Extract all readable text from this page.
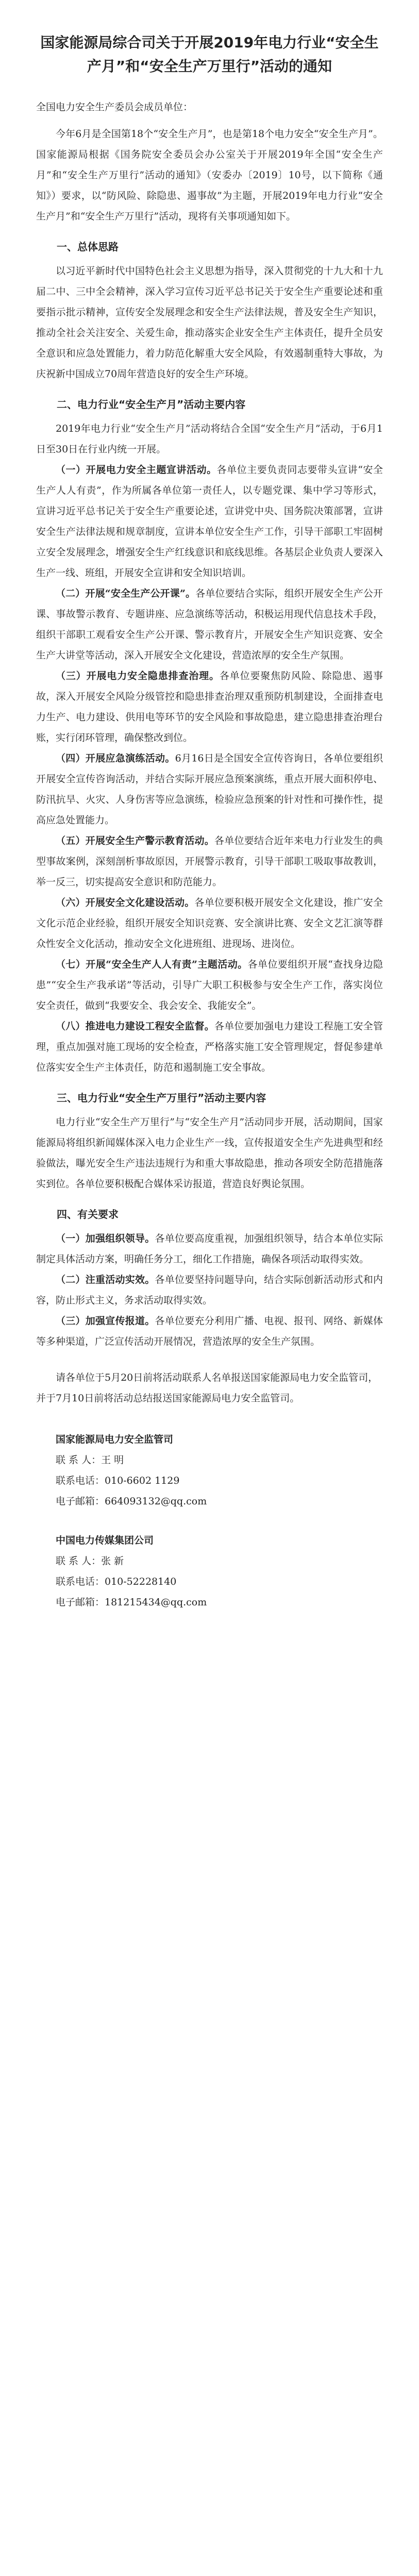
国家能源局综合司关于开展2019年电力行业“安全生产月”和“安全生产万里行”活动的通知

全国电力安全生产委员会成员单位：

今年6月是全国第18个“安全生产月”，也是第18个电力安全“安全生产月”。国家能源局根据《国务院安全委员会办公室关于开展2019年全国“安全生产月”和“安全生产万里行”活动的通知》（安委办〔2019〕10号，以下简称《通知》）要求，以“防风险、除隐患、遏事故”为主题，开展2019年电力行业“安全生产月”和“安全生产万里行”活动，现将有关事项通知如下。

一、总体思路

以习近平新时代中国特色社会主义思想为指导，深入贯彻党的十九大和十九届二中、三中全会精神，深入学习宣传习近平总书记关于安全生产重要论述和重要指示批示精神，宣传安全发展理念和安全生产法律法规，普及安全生产知识，推动全社会关注安全、关爱生命，推动落实企业安全生产主体责任，提升全员安全意识和应急处置能力，着力防范化解重大安全风险，有效遏制重特大事故，为庆祝新中国成立70周年营造良好的安全生产环境。

二、电力行业“安全生产月”活动主要内容

2019年电力行业“安全生产月”活动将结合全国“安全生产月”活动，于6月1日至30日在行业内统一开展。

（一）开展电力安全主题宣讲活动。各单位主要负责同志要带头宣讲“安全生产人人有责”，作为所属各单位第一责任人，以专题党课、集中学习等形式，宣讲习近平总书记关于安全生产重要论述，宣讲党中央、国务院决策部署，宣讲安全生产法律法规和规章制度，宣讲本单位安全生产工作，引导干部职工牢固树立安全发展理念，增强安全生产红线意识和底线思维。各基层企业负责人要深入生产一线、班组，开展安全宣讲和安全知识培训。

（二）开展“安全生产公开课”。各单位要结合实际，组织开展安全生产公开课、事故警示教育、专题讲座、应急演练等活动，积极运用现代信息技术手段，组织干部职工观看安全生产公开课、警示教育片，开展安全生产知识竞赛、安全生产大讲堂等活动，深入开展安全文化建设，营造浓厚的安全生产氛围。

（三）开展电力安全隐患排查治理。各单位要聚焦防风险、除隐患、遏事故，深入开展安全风险分级管控和隐患排查治理双重预防机制建设，全面排查电力生产、电力建设、供用电等环节的安全风险和事故隐患，建立隐患排查治理台账，实行闭环管理，确保整改到位。

（四）开展应急演练活动。6月16日是全国安全宣传咨询日，各单位要组织开展安全宣传咨询活动，并结合实际开展应急预案演练，重点开展大面积停电、防汛抗旱、火灾、人身伤害等应急演练，检验应急预案的针对性和可操作性，提高应急处置能力。

（五）开展安全生产警示教育活动。各单位要结合近年来电力行业发生的典型事故案例，深刻剖析事故原因，开展警示教育，引导干部职工吸取事故教训，举一反三，切实提高安全意识和防范能力。

（六）开展安全文化建设活动。各单位要积极开展安全文化建设，推广安全文化示范企业经验，组织开展安全知识竞赛、安全演讲比赛、安全文艺汇演等群众性安全文化活动，推动安全文化进班组、进现场、进岗位。

（七）开展“安全生产人人有责”主题活动。各单位要组织开展“查找身边隐患”“安全生产我承诺”等活动，引导广大职工积极参与安全生产工作，落实岗位安全责任，做到“我要安全、我会安全、我能安全”。

（八）推进电力建设工程安全监督。各单位要加强电力建设工程施工安全管理，重点加强对施工现场的安全检查，严格落实施工安全管理规定，督促参建单位落实安全生产主体责任，防范和遏制施工安全事故。

三、电力行业“安全生产万里行”活动主要内容

电力行业“安全生产万里行”与“安全生产月”活动同步开展，活动期间，国家能源局将组织新闻媒体深入电力企业生产一线，宣传报道安全生产先进典型和经验做法，曝光安全生产违法违规行为和重大事故隐患，推动各项安全防范措施落实到位。各单位要积极配合媒体采访报道，营造良好舆论氛围。

四、有关要求

（一）加强组织领导。各单位要高度重视，加强组织领导，结合本单位实际制定具体活动方案，明确任务分工，细化工作措施，确保各项活动取得实效。

（二）注重活动实效。各单位要坚持问题导向，结合实际创新活动形式和内容，防止形式主义，务求活动取得实效。

（三）加强宣传报道。各单位要充分利用广播、电视、报刊、网络、新媒体等多种渠道，广泛宣传活动开展情况，营造浓厚的安全生产氛围。

请各单位于5月20日前将活动联系人名单报送国家能源局电力安全监管司，并于7月10日前将活动总结报送国家能源局电力安全监管司。

国家能源局电力安全监管司
联 系 人：王 明
联系电话：010-6602 1129
电子邮箱：664093132@qq.com
中国电力传媒集团公司
联 系 人：张 新
联系电话：010-52228140
电子邮箱：181215434@qq.com
